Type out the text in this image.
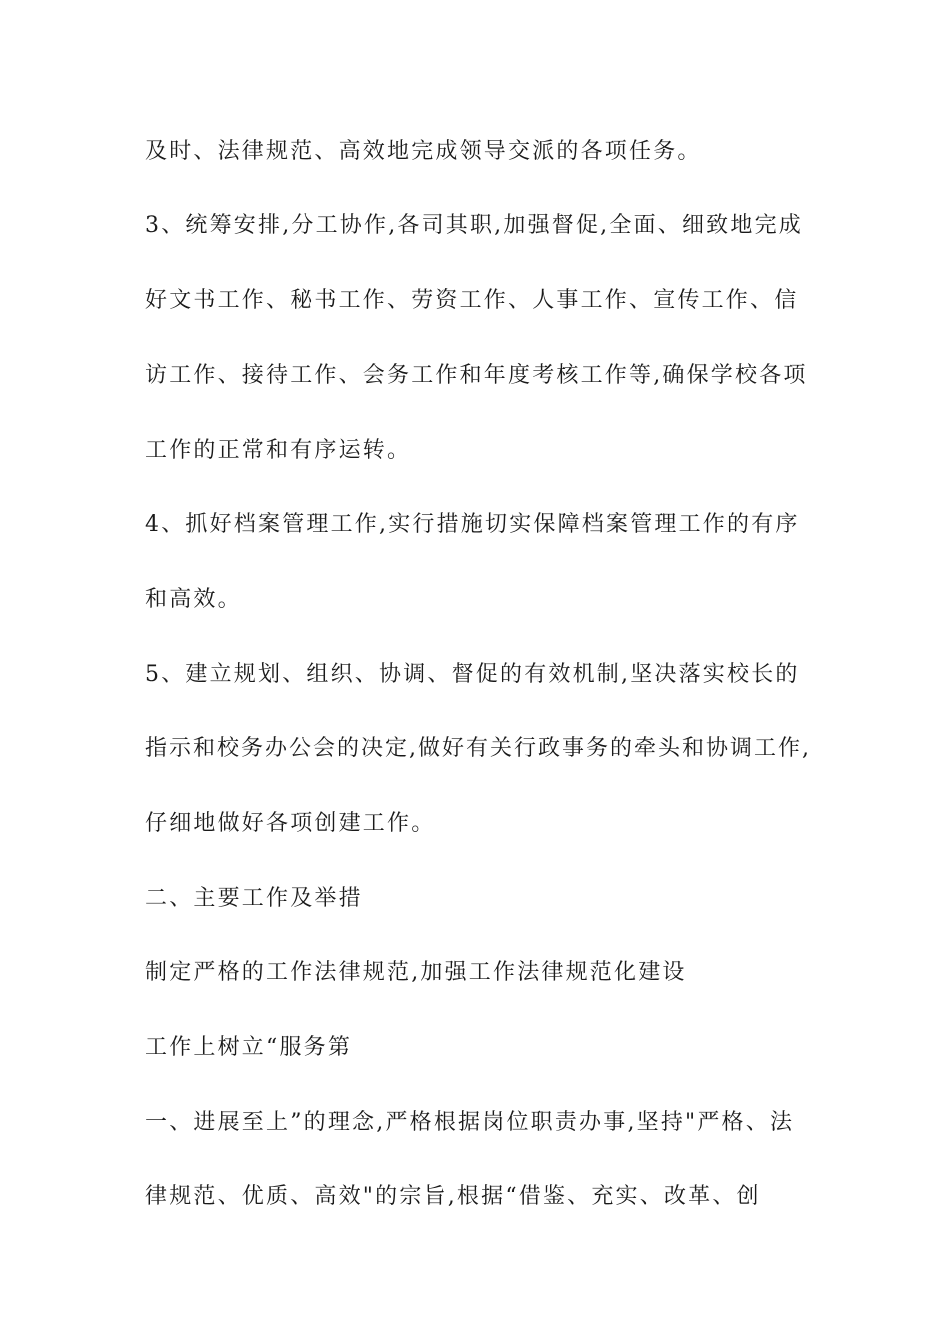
及时、法律规范、高效地完成领导交派的各项任务。
3、统筹安排,分工协作,各司其职,加强督促,全面、细致地完成
好文书工作、秘书工作、劳资工作、人事工作、宣传工作、信
访工作、接待工作、会务工作和年度考核工作等,确保学校各项
工作的正常和有序运转。
4、抓好档案管理工作,实行措施切实保障档案管理工作的有序
和高效。
5、建立规划、组织、协调、督促的有效机制,坚决落实校长的
指示和校务办公会的决定,做好有关行政事务的牵头和协调工作,
仔细地做好各项创建工作。
二、主要工作及举措
制定严格的工作法律规范,加强工作法律规范化建设
工作上树立“服务第
一、进展至上”的理念,严格根据岗位职责办事,坚持"严格、法
律规范、优质、高效"的宗旨,根据“借鉴、充实、改革、创
